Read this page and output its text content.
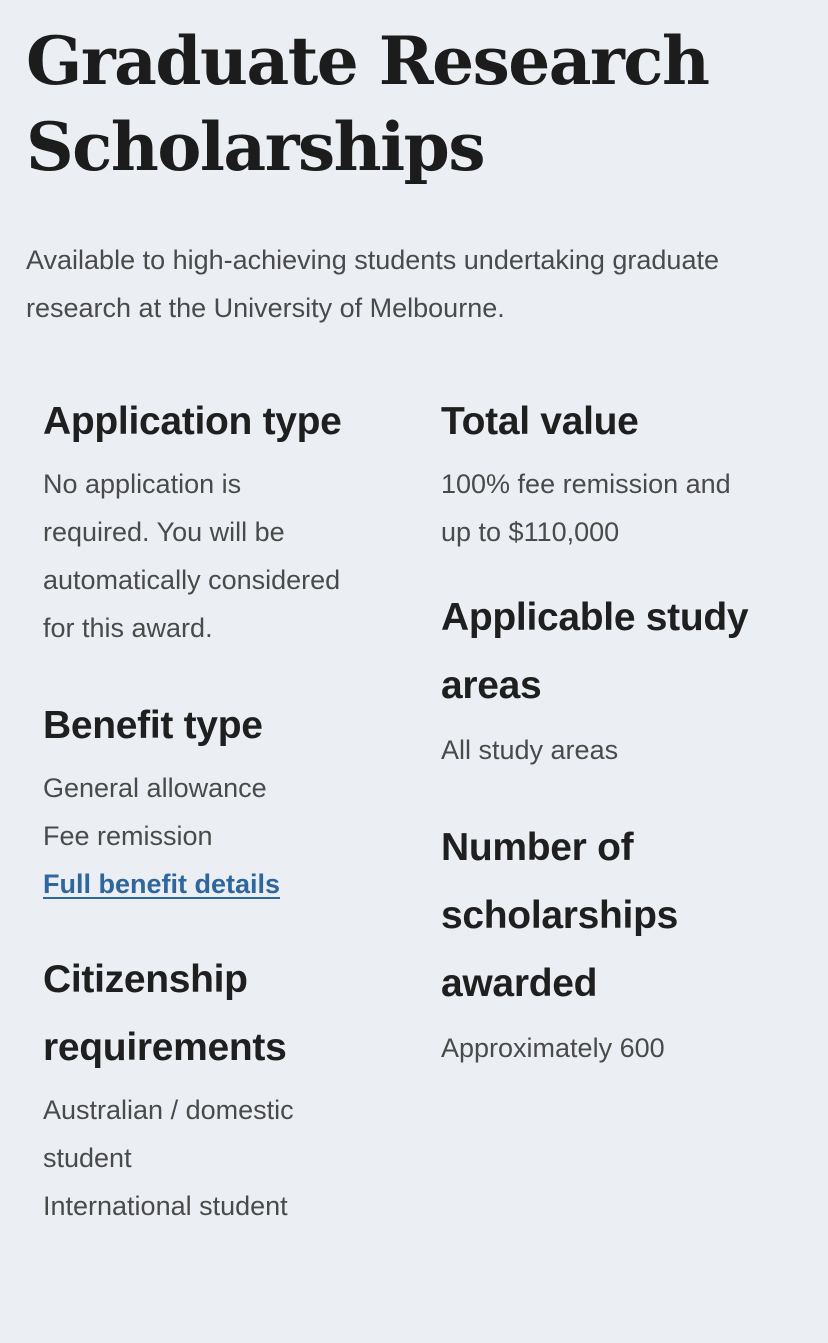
Graduate Research
Scholarships

Available to high-achieving students undertaking graduate
research at the University of Melbourne.

Application type

No application is
required. You will be
automatically considered
for this award.

Benefit type

General allowance
Fee remission

Full benefit details
Citizenship
requirements

Australian / domestic
student
International student

Total value

100% fee remission and
up to $110,000

Applicable study
areas

All study areas

Number of
scholarships
awarded

Approximately 600
